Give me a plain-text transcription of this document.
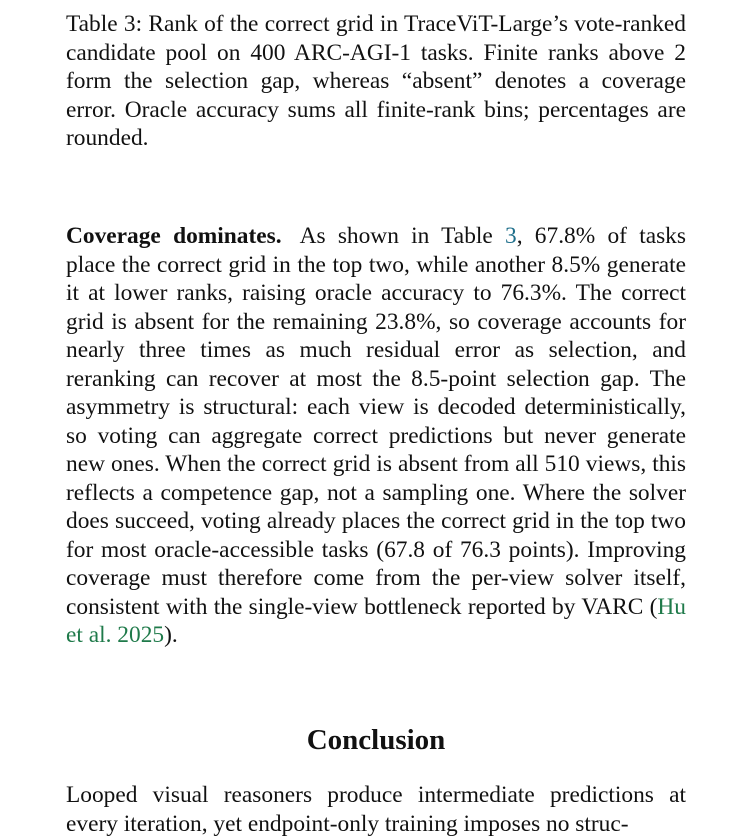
Table 3: Rank of the correct grid in TraceViT-Large’s vote-ranked candidate pool on 400 ARC-AGI-1 tasks. Finite ranks above 2 form the selection gap, whereas “absent” denotes a coverage error. Oracle accuracy sums all finite-rank bins; percentages are rounded.

Coverage dominates. As shown in Table 3, 67.8% of tasks place the correct grid in the top two, while another 8.5% generate it at lower ranks, raising oracle accuracy to 76.3%. The correct grid is absent for the remaining 23.8%, so coverage accounts for nearly three times as much residual error as selection, and reranking can recover at most the 8.5-point selection gap. The asymmetry is structural: each view is decoded deterministically, so voting can aggregate correct predictions but never generate new ones. When the correct grid is absent from all 510 views, this reflects a competence gap, not a sampling one. Where the solver does succeed, voting already places the correct grid in the top two for most oracle-accessible tasks (67.8 of 76.3 points). Improving coverage must therefore come from the per-view solver itself, consistent with the single-view bottleneck reported by VARC (Hu et al. 2025).

Conclusion

Looped visual reasoners produce intermediate predictions at every iteration, yet endpoint-only training imposes no struc-
